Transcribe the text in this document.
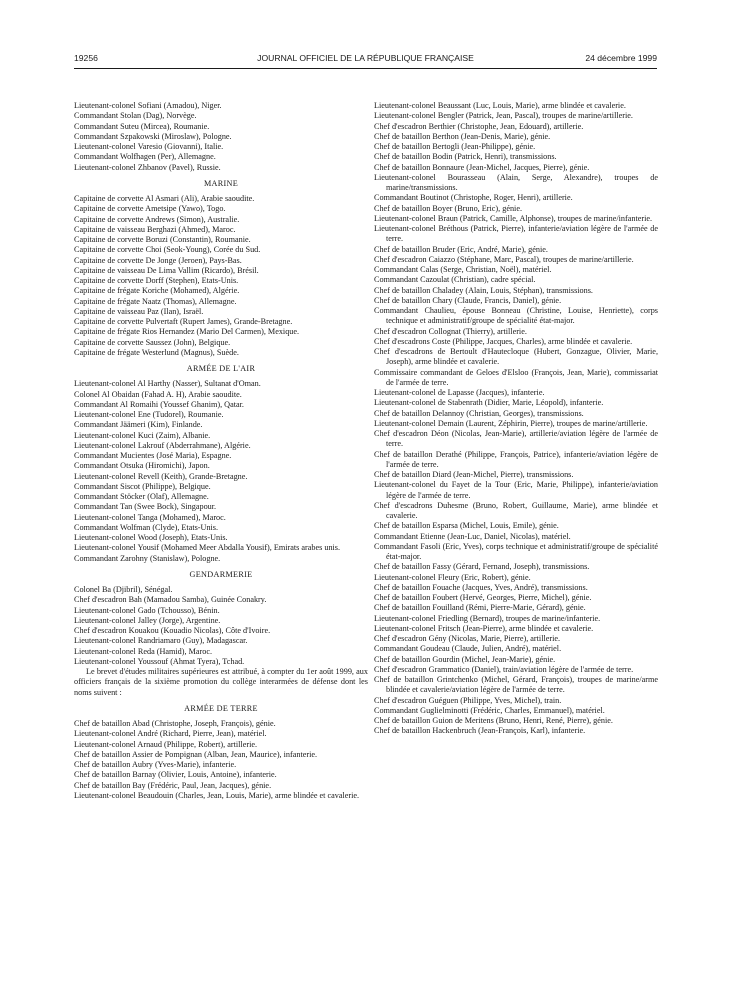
19256	JOURNAL OFFICIEL DE LA RÉPUBLIQUE FRANÇAISE	24 décembre 1999

Lieutenant-colonel Sofiani (Amadou), Niger.

Commandant Stolan (Dag), Norvège.

Commandant Suteu (Mircea), Roumanie.

Commandant Szpakowski (Miroslaw), Pologne.

Lieutenant-colonel Varesio (Giovanni), Italie.

Commandant Wolfhagen (Per), Allemagne.

Lieutenant-colonel Zhbanov (Pavel), Russie.

MARINE

Capitaine de corvette Al Asmari (Ali), Arabie saoudite.

Capitaine de corvette Ametsipe (Yawo), Togo.

Capitaine de corvette Andrews (Simon), Australie.

Capitaine de vaisseau Berghazi (Ahmed), Maroc.

Capitaine de corvette Boruzi (Constantin), Roumanie.

Capitaine de corvette Choi (Seok-Young), Corée du Sud.

Capitaine de corvette De Jonge (Jeroen), Pays-Bas.

Capitaine de vaisseau De Lima Vallim (Ricardo), Brésil.

Capitaine de corvette Dorff (Stephen), Etats-Unis.

Capitaine de frégate Koriche (Mohamed), Algérie.

Capitaine de frégate Naatz (Thomas), Allemagne.

Capitaine de vaisseau Paz (Ilan), Israël.

Capitaine de corvette Pulvertaft (Rupert James), Grande-Bretagne.

Capitaine de frégate Rios Hernandez (Mario Del Carmen), Mexique.

Capitaine de corvette Saussez (John), Belgique.

Capitaine de frégate Westerlund (Magnus), Suède.

ARMÉE DE L'AIR

Lieutenant-colonel Al Harthy (Nasser), Sultanat d'Oman.

Colonel Al Obaidan (Fahad A. H), Arabie saoudite.

Commandant Al Romaihi (Youssef Ghanim), Qatar.

Lieutenant-colonel Ene (Tudorel), Roumanie.

Commandant Jäämeri (Kim), Finlande.

Lieutenant-colonel Kuci (Zaim), Albanie.

Lieutenant-colonel Lakrouf (Abderrahmane), Algérie.

Commandant Mucientes (José Maria), Espagne.

Commandant Otsuka (Hiromichi), Japon.

Lieutenant-colonel Revell (Keith), Grande-Bretagne.

Commandant Siscot (Philippe), Belgique.

Commandant Stöcker (Olaf), Allemagne.

Commandant Tan (Swee Bock), Singapour.

Lieutenant-colonel Tanga (Mohamed), Maroc.

Commandant Wolfman (Clyde), Etats-Unis.

Lieutenant-colonel Wood (Joseph), Etats-Unis.

Lieutenant-colonel Yousif (Mohamed Meer Abdalla Yousif), Emirats arabes unis.

Commandant Zarohny (Stanislaw), Pologne.

GENDARMERIE

Colonel Ba (Djibril), Sénégal.

Chef d'escadron Bah (Mamadou Samba), Guinée Conakry.

Lieutenant-colonel Gado (Tchousso), Bénin.

Lieutenant-colonel Jalley (Jorge), Argentine.

Chef d'escadron Kouakou (Kouadio Nicolas), Côte d'Ivoire.

Lieutenant-colonel Randriamaro (Guy), Madagascar.

Lieutenant-colonel Reda (Hamid), Maroc.

Lieutenant-colonel Youssouf (Ahmat Tyera), Tchad.

Le brevet d'études militaires supérieures est attribué, à compter du 1er août 1999, aux officiers français de la sixième promotion du collège interarmées de défense dont les noms suivent :

ARMÉE DE TERRE

Chef de bataillon Abad (Christophe, Joseph, François), génie.

Lieutenant-colonel André (Richard, Pierre, Jean), matériel.

Lieutenant-colonel Arnaud (Philippe, Robert), artillerie.

Chef de bataillon Assier de Pompignan (Alban, Jean, Maurice), infanterie.

Chef de bataillon Aubry (Yves-Marie), infanterie.

Chef de bataillon Barnay (Olivier, Louis, Antoine), infanterie.

Chef de bataillon Bay (Frédéric, Paul, Jean, Jacques), génie.

Lieutenant-colonel Beaudouin (Charles, Jean, Louis, Marie), arme blindée et cavalerie.

Lieutenant-colonel Beaussant (Luc, Louis, Marie), arme blindée et cavalerie.

Lieutenant-colonel Bengler (Patrick, Jean, Pascal), troupes de marine/artillerie.

Chef d'escadron Berthier (Christophe, Jean, Edouard), artillerie.

Chef de bataillon Berthon (Jean-Denis, Marie), génie.

Chef de bataillon Bertogli (Jean-Philippe), génie.

Chef de bataillon Bodin (Patrick, Henri), transmissions.

Chef de bataillon Bonnaure (Jean-Michel, Jacques, Pierre), génie.

Lieutenant-colonel Bourasseau (Alain, Serge, Alexandre), troupes de marine/transmissions.

Commandant Boutinot (Christophe, Roger, Henri), artillerie.

Chef de bataillon Boyer (Bruno, Eric), génie.

Lieutenant-colonel Braun (Patrick, Camille, Alphonse), troupes de marine/infanterie.

Lieutenant-colonel Bréthous (Patrick, Pierre), infanterie/aviation légère de l'armée de terre.

Chef de bataillon Bruder (Eric, André, Marie), génie.

Chef d'escadron Caiazzo (Stéphane, Marc, Pascal), troupes de marine/artillerie.

Commandant Calas (Serge, Christian, Noël), matériel.

Commandant Cazoulat (Christian), cadre spécial.

Chef de bataillon Chaladey (Alain, Louis, Stéphan), transmissions.

Chef de bataillon Chary (Claude, Francis, Daniel), génie.

Commandant Chaulieu, épouse Bonneau (Christine, Louise, Henriette), corps technique et administratif/groupe de spécialité état-major.

Chef d'escadron Collognat (Thierry), artillerie.

Chef d'escadrons Coste (Philippe, Jacques, Charles), arme blindée et cavalerie.

Chef d'escadrons de Bertoult d'Hautecloque (Hubert, Gonzague, Olivier, Marie, Joseph), arme blindée et cavalerie.

Commissaire commandant de Geloes d'Elsloo (François, Jean, Marie), commissariat de l'armée de terre.

Lieutenant-colonel de Lapasse (Jacques), infanterie.

Lieutenant-colonel de Stabenrath (Didier, Marie, Léopold), infanterie.

Chef de bataillon Delannoy (Christian, Georges), transmissions.

Lieutenant-colonel Demain (Laurent, Zéphirin, Pierre), troupes de marine/artillerie.

Chef d'escadron Déon (Nicolas, Jean-Marie), artillerie/aviation légère de l'armée de terre.

Chef de bataillon Derathé (Philippe, François, Patrice), infanterie/aviation légère de l'armée de terre.

Chef de bataillon Diard (Jean-Michel, Pierre), transmissions.

Lieutenant-colonel du Fayet de la Tour (Eric, Marie, Philippe), infanterie/aviation légère de l'armée de terre.

Chef d'escadrons Duhesme (Bruno, Robert, Guillaume, Marie), arme blindée et cavalerie.

Chef de bataillon Esparsa (Michel, Louis, Emile), génie.

Commandant Etienne (Jean-Luc, Daniel, Nicolas), matériel.

Commandant Fasoli (Eric, Yves), corps technique et administratif/groupe de spécialité état-major.

Chef de bataillon Fassy (Gérard, Fernand, Joseph), transmissions.

Lieutenant-colonel Fleury (Eric, Robert), génie.

Chef de bataillon Fouache (Jacques, Yves, André), transmissions.

Chef de bataillon Foubert (Hervé, Georges, Pierre, Michel), génie.

Chef de bataillon Fouilland (Rémi, Pierre-Marie, Gérard), génie.

Lieutenant-colonel Friedling (Bernard), troupes de marine/infanterie.

Lieutenant-colonel Fritsch (Jean-Pierre), arme blindée et cavalerie.

Chef d'escadron Gény (Nicolas, Marie, Pierre), artillerie.

Commandant Goudeau (Claude, Julien, André), matériel.

Chef de bataillon Gourdin (Michel, Jean-Marie), génie.

Chef d'escadron Grammatico (Daniel), train/aviation légère de l'armée de terre.

Chef de bataillon Grintchenko (Michel, Gérard, François), troupes de marine/arme blindée et cavalerie/aviation légère de l'armée de terre.

Chef d'escadron Guéguen (Philippe, Yves, Michel), train.

Commandant Guglielminotti (Frédéric, Charles, Emmanuel), matériel.

Chef de bataillon Guion de Meritens (Bruno, Henri, René, Pierre), génie.

Chef de bataillon Hackenbruch (Jean-François, Karl), infanterie.
